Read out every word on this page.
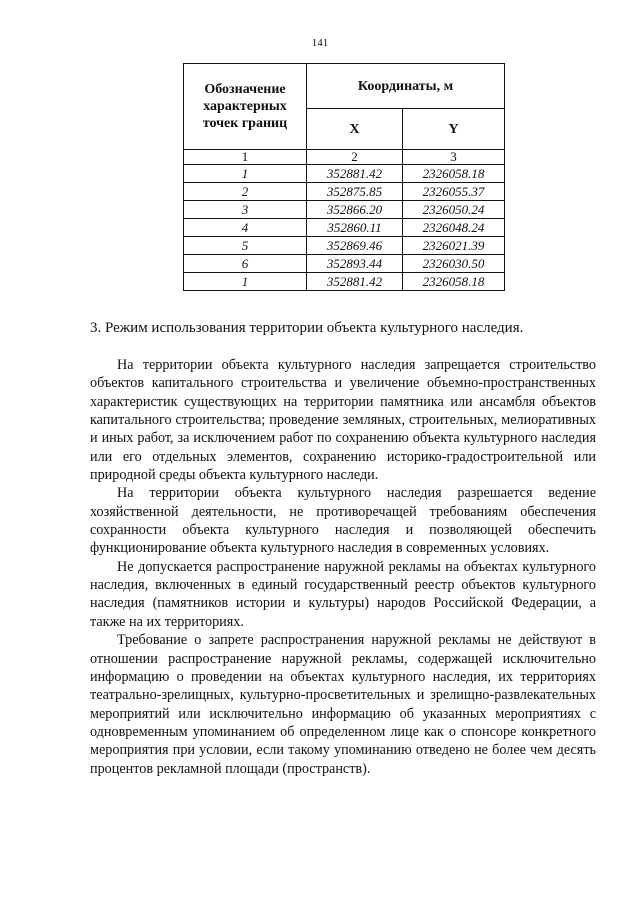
141
Обозначение характерных точек границ	Координаты, м	
	X	Y
1	2	3
1	352881.42	2326058.18
2	352875.85	2326055.37
3	352866.20	2326050.24
4	352860.11	2326048.24
5	352869.46	2326021.39
6	352893.44	2326030.50
1	352881.42	2326058.18
3. Режим использования территории объекта культурного наследия.

На территории объекта культурного наследия запрещается строительство объектов капитального строительства и увеличение объемно-пространственных характеристик существующих на территории памятника или ансамбля объектов капитального строительства; проведение земляных, строительных, мелиоративных и иных работ, за исключением работ по сохранению объекта культурного наследия или его отдельных элементов, сохранению историко-градостроительной или природной среды объекта культурного наследи.

На территории объекта культурного наследия разрешается ведение хозяйственной деятельности, не противоречащей требованиям обеспечения сохранности объекта культурного наследия и позволяющей обеспечить функционирование объекта культурного наследия в современных условиях.

Не допускается распространение наружной рекламы на объектах культурного наследия, включенных в единый государственный реестр объектов культурного наследия (памятников истории и культуры) народов Российской Федерации, а также на их территориях.

Требование о запрете распространения наружной рекламы не действуют в отношении распространение наружной рекламы, содержащей исключительно информацию о проведении на объектах культурного наследия, их территориях театрально-зрелищных, культурно-просветительных и зрелищно-развлекательных мероприятий или исключительно информацию об указанных мероприятиях с одновременным упоминанием об определенном лице как о спонсоре конкретного мероприятия при условии, если такому упоминанию отведено не более чем десять процентов рекламной площади (пространств).
